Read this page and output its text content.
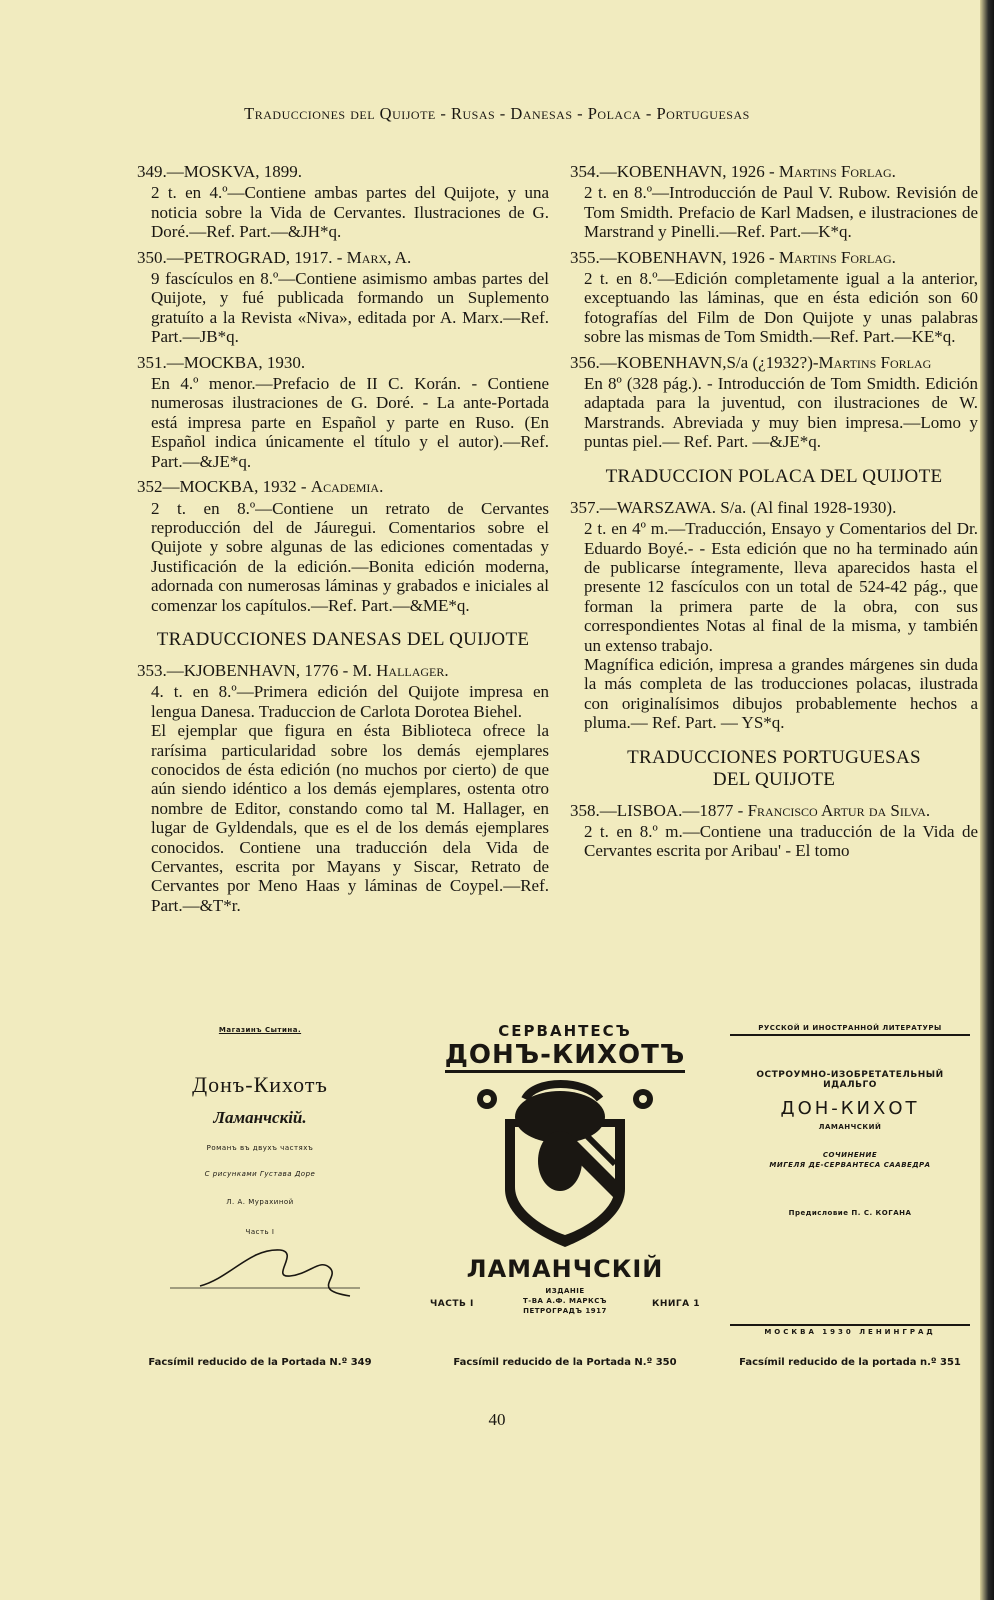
Traducciones del Quijote - Rusas - Danesas - Polaca - Portuguesas
349.—MOSKVA, 1899.

2 t. en 4.º—Contiene ambas partes del Quijote, y una noticia sobre la Vida de Cervantes. Ilustraciones de G. Doré.—Ref. Part.—&JH*q.

350.—PETROGRAD, 1917. - Marx, A.

9 fascículos en 8.º—Contiene asimismo ambas partes del Quijote, y fué publicada formando un Suplemento gratuíto a la Revista «Niva», editada por A. Marx.—Ref. Part.—JB*q.

351.—MOCKBA, 1930.

En 4.º menor.—Prefacio de II C. Korán. - Contiene numerosas ilustraciones de G. Doré. - La ante-Portada está impresa parte en Español y parte en Ruso. (En Español indica únicamente el título y el autor).—Ref. Part.—&JE*q.

352—MOCKBA, 1932 - Academia.

2 t. en 8.º—Contiene un retrato de Cervantes reproducción del de Jáuregui. Comentarios sobre el Quijote y sobre algunas de las ediciones comentadas y Justificación de la edición.—Bonita edición moderna, adornada con numerosas láminas y grabados e iniciales al comenzar los capítulos.—Ref. Part.—&ME*q.

TRADUCCIONES DANESAS DEL QUIJOTE
353.—KJOBENHAVN, 1776 - M. Hallager.

4. t. en 8.º—Primera edición del Quijote impresa en lengua Danesa. Traduccion de Carlota Dorotea Biehel.

El ejemplar que figura en ésta Biblioteca ofrece la rarísima particularidad sobre los demás ejemplares conocidos de ésta edición (no muchos por cierto) de que aún siendo idéntico a los demás ejemplares, ostenta otro nombre de Editor, constando como tal M. Hallager, en lugar de Gyldendals, que es el de los demás ejemplares conocidos. Contiene una traducción dela Vida de Cervantes, escrita por Mayans y Siscar, Retrato de Cervantes por Meno Haas y láminas de Coypel.—Ref. Part.—&T*r.

354.—KOBENHAVN, 1926 - Martins Forlag.

2 t. en 8.º—Introducción de Paul V. Rubow. Revisión de Tom Smidth. Prefacio de Karl Madsen, e ilustraciones de Marstrand y Pinelli.—Ref. Part.—K*q.

355.—KOBENHAVN, 1926 - Martins Forlag.

2 t. en 8.º—Edición completamente igual a la anterior, exceptuando las láminas, que en ésta edición son 60 fotografías del Film de Don Quijote y unas palabras sobre las mismas de Tom Smidth.—Ref. Part.—KE*q.

356.—KOBENHAVN,S/a (¿1932?)-Martins Forlag

En 8º (328 pág.). - Introducción de Tom Smidth. Edición adaptada para la juventud, con ilustraciones de W. Marstrands. Abreviada y muy bien impresa.—Lomo y puntas piel.— Ref. Part. —&JE*q.

TRADUCCION POLACA DEL QUIJOTE
357.—WARSZAWA. S/a. (Al final 1928-1930).

2 t. en 4º m.—Traducción, Ensayo y Comentarios del Dr. Eduardo Boyé.- - Esta edición que no ha terminado aún de publicarse íntegramente, lleva aparecidos hasta el presente 12 fascículos con un total de 524-42 pág., que forman la primera parte de la obra, con sus correspondientes Notas al final de la misma, y también un extenso trabajo.

Magnífica edición, impresa a grandes márgenes sin duda la más completa de las troducciones polacas, ilustrada con originalísimos dibujos probablemente hechos a pluma.— Ref. Part. — YS*q.

TRADUCCIONES PORTUGUESAS
DEL QUIJOTE
358.—LISBOA.—1877 - Francisco Artur da Silva.

2 t. en 8.º m.—Contiene una traducción de la Vida de Cervantes escrita por Aribau' - El tomo

Магазинъ Сытина.
Донъ-Кихотъ
Ламанчскій.
Романъ въ двухъ частяхъ
С рисунками Густава Доре
Л. А. Мурахиной
Часть I
Facsímil reducido de la Portada N.º 349
СЕРВАНТЕСЪ
ДОНЪ-КИХОТЪ
ЛАМАНЧСКІЙ
ЧАСТЬ I
ИЗДАНІЕ
Т-ВА А.Ф. МАРКСЪ
ПЕТРОГРАДЪ 1917
КНИГА 1
Facsímil reducido de la Portada N.º 350
РУССКОЙ И ИНОСТРАННОЙ ЛИТЕРАТУРЫ
ОСТРОУМНО-ИЗОБРЕТАТЕЛЬНЫЙ ИДАЛЬГО
ДОН-КИХОТ
ЛАМАНЧСКИЙ
СОЧИНЕНИЕ
МИГЕЛЯ ДЕ-СЕРВАНТЕСА СААВЕДРА
Предисловие П. С. КОГАНА
МОСКВА 1930 ЛЕНИНГРАД
Facsímil reducido de la portada n.º 351
40
